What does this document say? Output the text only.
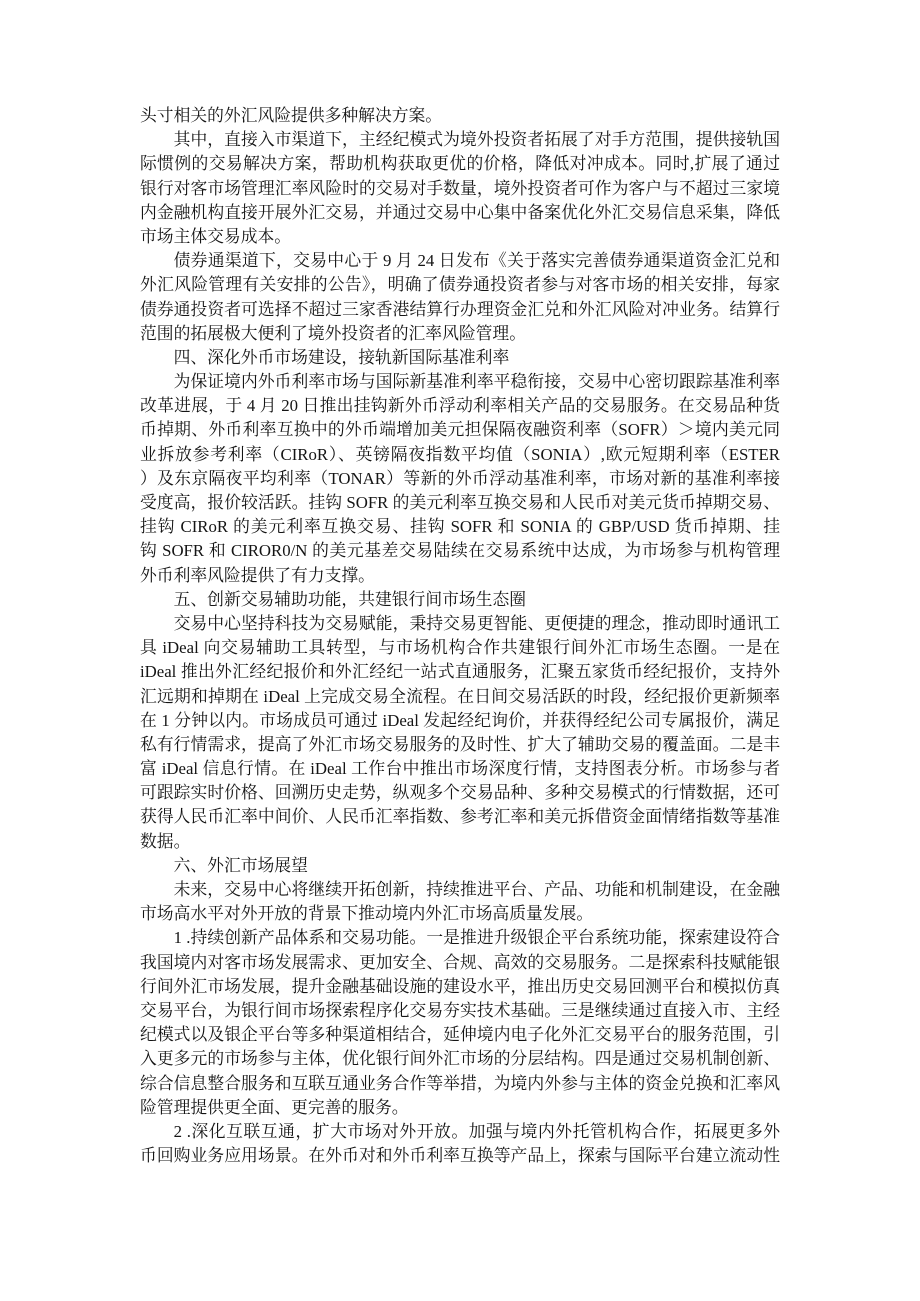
头寸相关的外汇风险提供多种解决方案。
其中，直接入市渠道下，主经纪模式为境外投资者拓展了对手方范围，提供接轨国
际惯例的交易解决方案，帮助机构获取更优的价格，降低对冲成本。同时,扩展了通过
银行对客市场管理汇率风险时的交易对手数量，境外投资者可作为客户与不超过三家境
内金融机构直接开展外汇交易，并通过交易中心集中备案优化外汇交易信息采集，降低
市场主体交易成本。
债券通渠道下，交易中心于 9 月 24 日发布《关于落实完善债券通渠道资金汇兑和
外汇风险管理有关安排的公告》，明确了债券通投资者参与对客市场的相关安排，每家
债券通投资者可选择不超过三家香港结算行办理资金汇兑和外汇风险对冲业务。结算行
范围的拓展极大便利了境外投资者的汇率风险管理。
四、深化外币市场建设，接轨新国际基准利率
为保证境内外币利率市场与国际新基准利率平稳衔接，交易中心密切跟踪基准利率
改革进展，于 4 月 20 日推出挂钩新外币浮动利率相关产品的交易服务。在交易品种货
币掉期、外币利率互换中的外币端增加美元担保隔夜融资利率（SOFR）＞境内美元同
业拆放参考利率（CIRoR）、英镑隔夜指数平均值（SONIA）,欧元短期利率（ESTER
）及东京隔夜平均利率（TONAR）等新的外币浮动基准利率，市场对新的基准利率接
受度高，报价较活跃。挂钩 SOFR 的美元利率互换交易和人民币对美元货币掉期交易、
挂钩 CIRoR 的美元利率互换交易、挂钩 SOFR 和 SONIA 的 GBP/USD 货币掉期、挂
钩 SOFR 和 CIROR0/N 的美元基差交易陆续在交易系统中达成，为市场参与机构管理
外币利率风险提供了有力支撑。
五、创新交易辅助功能，共建银行间市场生态圈
交易中心坚持科技为交易赋能，秉持交易更智能、更便捷的理念，推动即时通讯工
具 iDeal 向交易辅助工具转型，与市场机构合作共建银行间外汇市场生态圈。一是在
iDeal 推出外汇经纪报价和外汇经纪一站式直通服务，汇聚五家货币经纪报价，支持外
汇远期和掉期在 iDeal 上完成交易全流程。在日间交易活跃的时段，经纪报价更新频率
在 1 分钟以内。市场成员可通过 iDeal 发起经纪询价，并获得经纪公司专属报价，满足
私有行情需求，提高了外汇市场交易服务的及时性、扩大了辅助交易的覆盖面。二是丰
富 iDeal 信息行情。在 iDeal 工作台中推出市场深度行情，支持图表分析。市场参与者
可跟踪实时价格、回溯历史走势，纵观多个交易品种、多种交易模式的行情数据，还可
获得人民币汇率中间价、人民币汇率指数、参考汇率和美元拆借资金面情绪指数等基准
数据。
六、外汇市场展望
未来，交易中心将继续开拓创新，持续推进平台、产品、功能和机制建设，在金融
市场高水平对外开放的背景下推动境内外汇市场高质量发展。
1 .持续创新产品体系和交易功能。一是推进升级银企平台系统功能，探索建设符合
我国境内对客市场发展需求、更加安全、合规、高效的交易服务。二是探索科技赋能银
行间外汇市场发展，提升金融基础设施的建设水平，推出历史交易回测平台和模拟仿真
交易平台，为银行间市场探索程序化交易夯实技术基础。三是继续通过直接入市、主经
纪模式以及银企平台等多种渠道相结合，延伸境内电子化外汇交易平台的服务范围，引
入更多元的市场参与主体，优化银行间外汇市场的分层结构。四是通过交易机制创新、
综合信息整合服务和互联互通业务合作等举措，为境内外参与主体的资金兑换和汇率风
险管理提供更全面、更完善的服务。
2 .深化互联互通，扩大市场对外开放。加强与境内外托管机构合作，拓展更多外
币回购业务应用场景。在外币对和外币利率互换等产品上，探索与国际平台建立流动性
